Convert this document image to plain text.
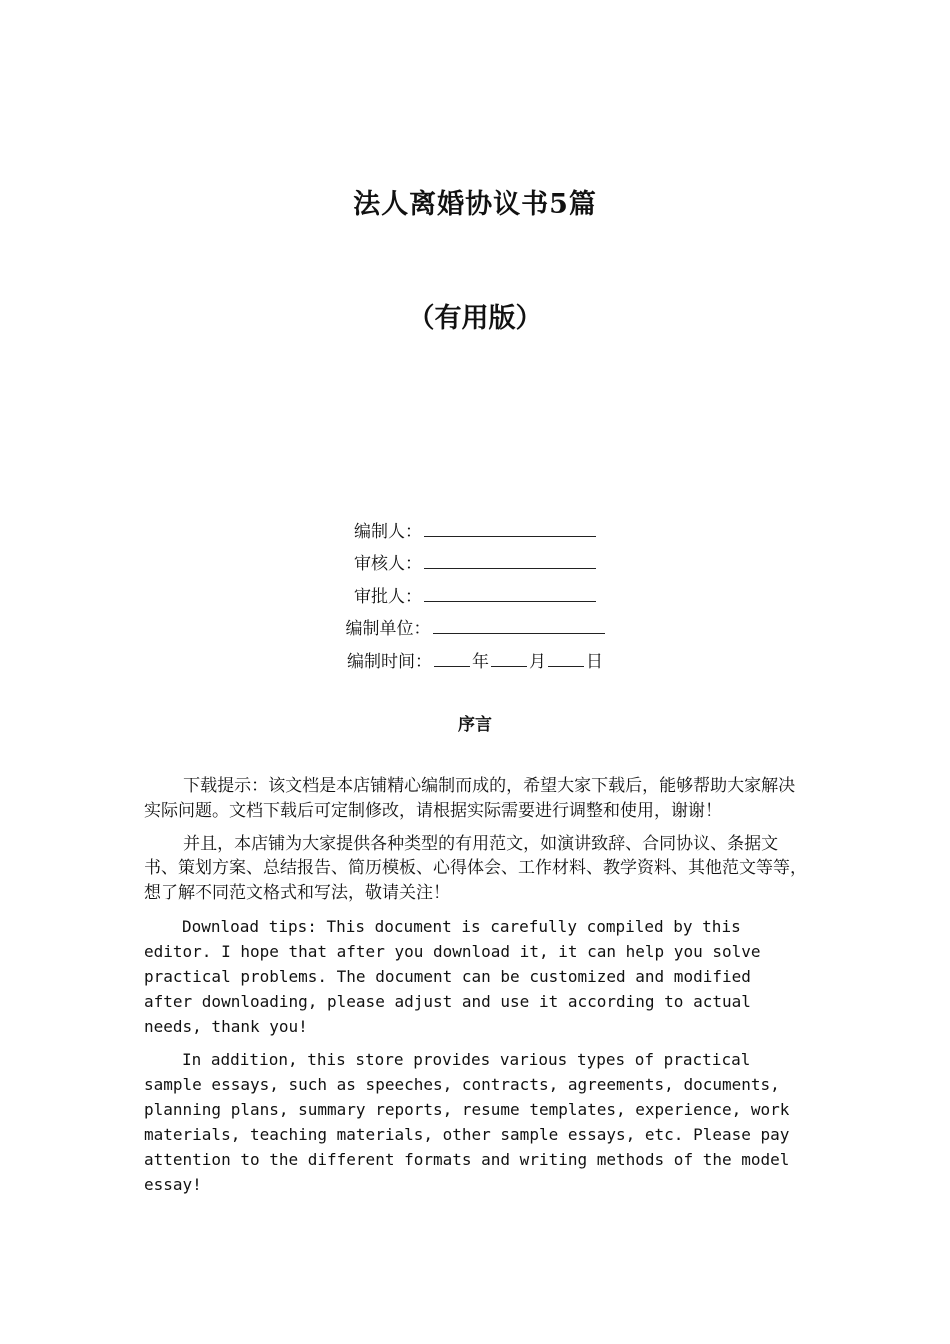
法人离婚协议书5篇
（有用版）
编制人：
审核人：
审批人：
编制单位：
编制时间： 年 月 日
序言

下载提示：该文档是本店铺精心编制而成的，希望大家下载后，能够帮助大家解决实际问题。文档下载后可定制修改，请根据实际需要进行调整和使用，谢谢！

并且，本店铺为大家提供各种类型的有用范文，如演讲致辞、合同协议、条据文书、策划方案、总结报告、简历模板、心得体会、工作材料、教学资料、其他范文等等，想了解不同范文格式和写法，敬请关注！

Download tips: This document is carefully compiled by this editor. I hope that after you download it, it can help you solve practical problems. The document can be customized and modified after downloading, please adjust and use it according to actual needs, thank you!

In addition, this store provides various types of practical sample essays, such as speeches, contracts, agreements, documents, planning plans, summary reports, resume templates, experience, work materials, teaching materials, other sample essays, etc. Please pay attention to the different formats and writing methods of the model essay!
